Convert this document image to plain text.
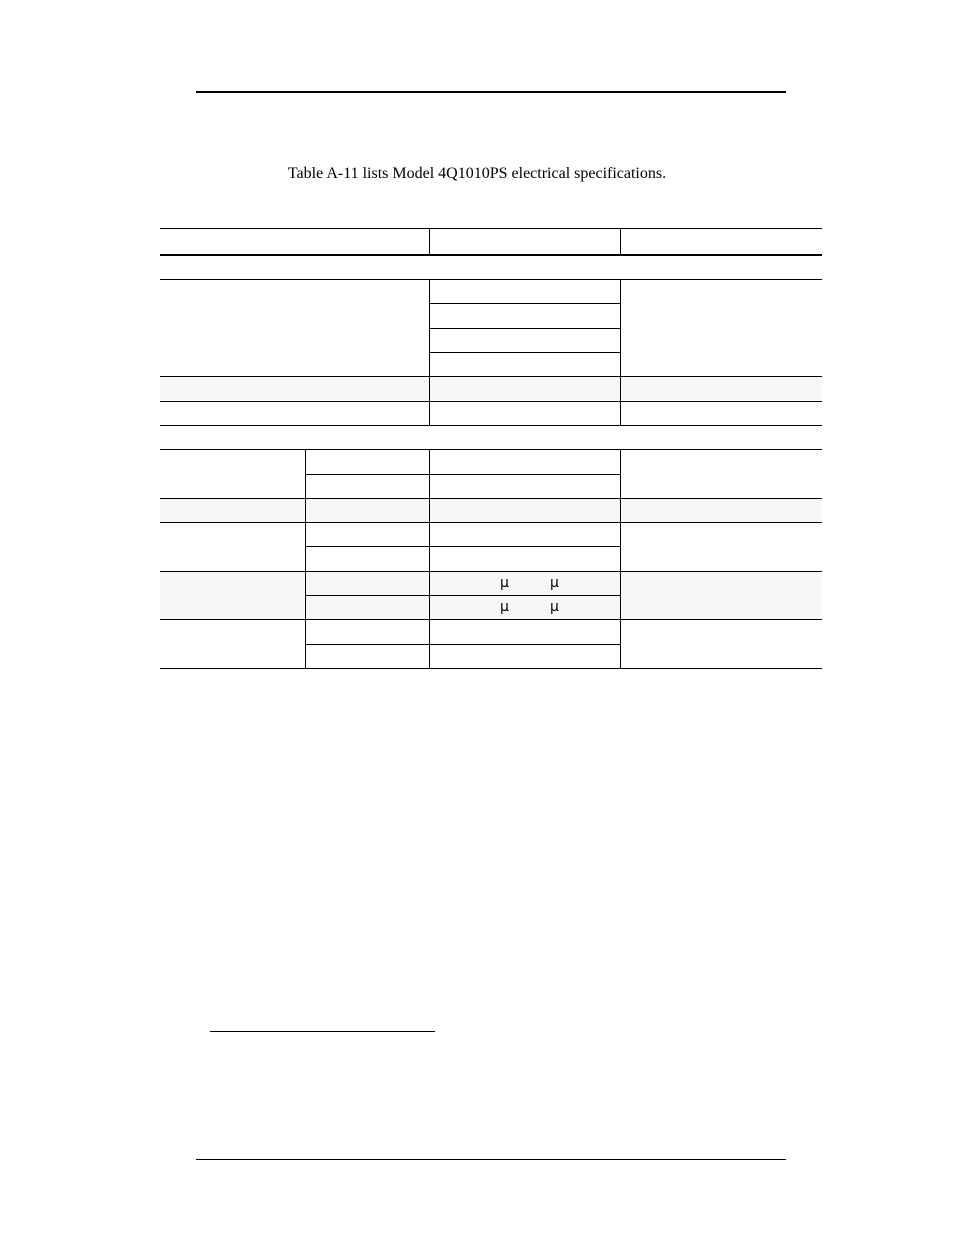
Table A-11 lists Model 4Q1010PS electrical specifications.
µ	µ
µ	µ
